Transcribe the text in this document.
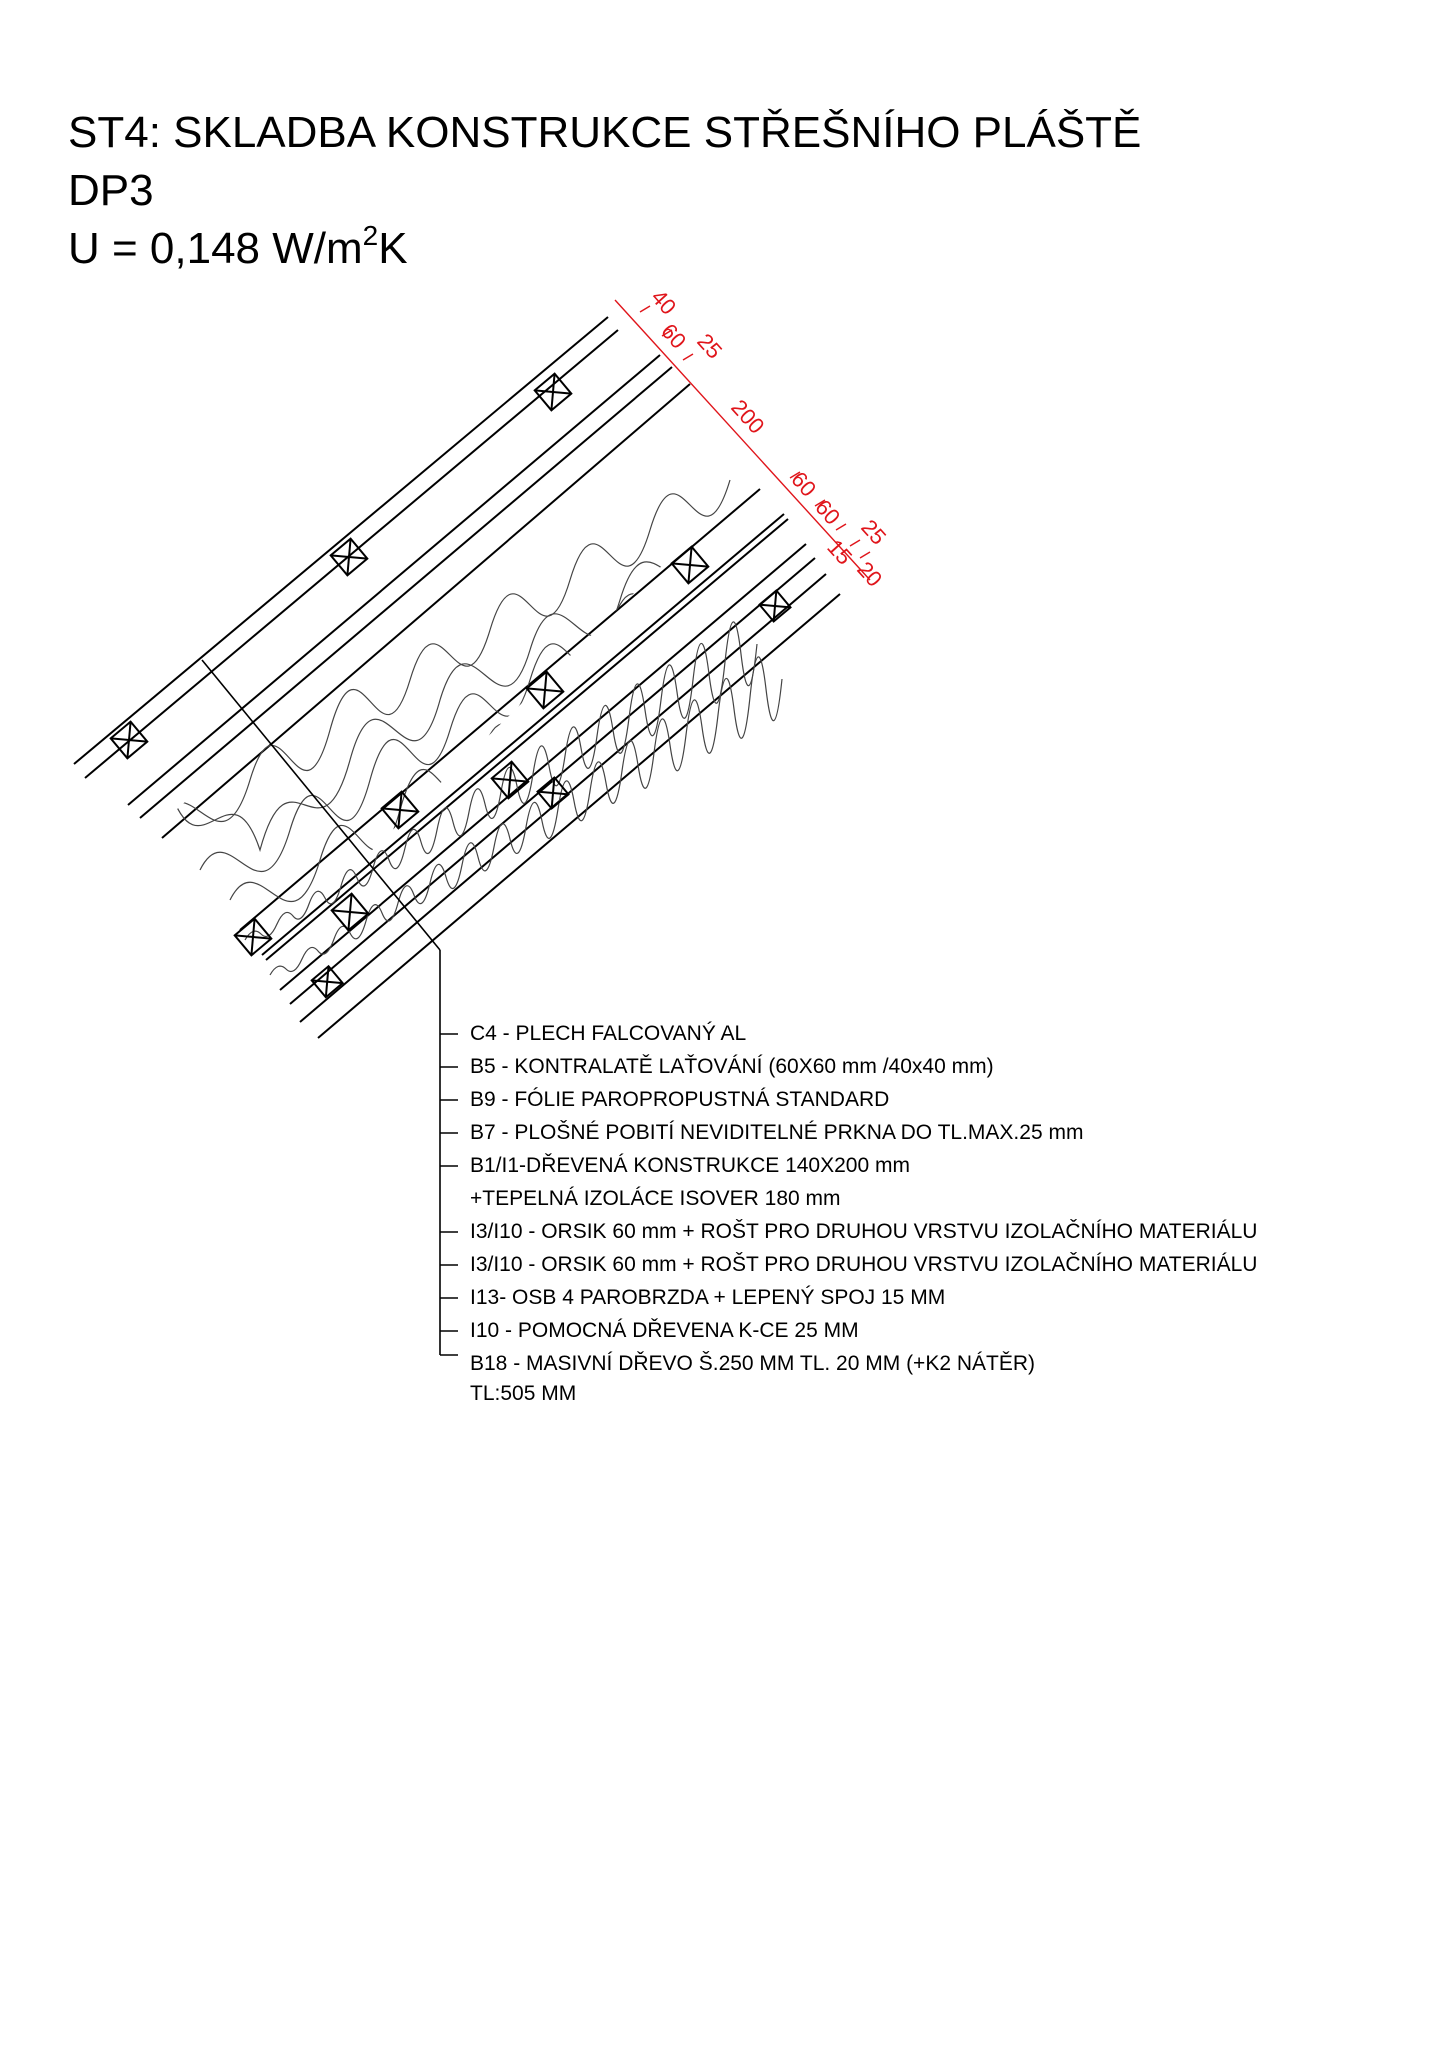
ST4: SKLADBA KONSTRUKCE STŘEŠNÍHO PLÁŠTĚ
DP3
U = 0,148 $W/m^2K$
40
60 25
200
60
60
25
15
20
C4 - PLECH FALCOVANÝ AL
B5 - KONTRALATĚ LAŤOVÁNÍ (60X60 mm /40x40 mm)
B9 - FÓLIE PAROPROPUSTNÁ STANDARD
B7 - PLOŠNÉ POBITÍ NEVIDITELNÉ PRKNA DO TL.MAX.25 mm
B1/I1-DŘEVENÁ KONSTRUKCE 140X200 mm
+TEPELNÁ IZOLÁCE ISOVER 180 mm
I3/I10 - ORSIK 60 mm + ROŠT PRO DRUHOU VRSTVU IZOLAČNÍHO MATERIÁLU
I3/I10 - ORSIK 60 mm + ROŠT PRO DRUHOU VRSTVU IZOLAČNÍHO MATERIÁLU
I13- OSB 4 PAROBRZDA + LEPENÝ SPOJ 15 MM
I10 - POMOCNÁ DŘEVENA K-CE 25 MM
B18 - MASIVNÍ DŘEVO Š.250 MM TL. 20 MM (+K2 NÁTĚR)
TL:505 MM
